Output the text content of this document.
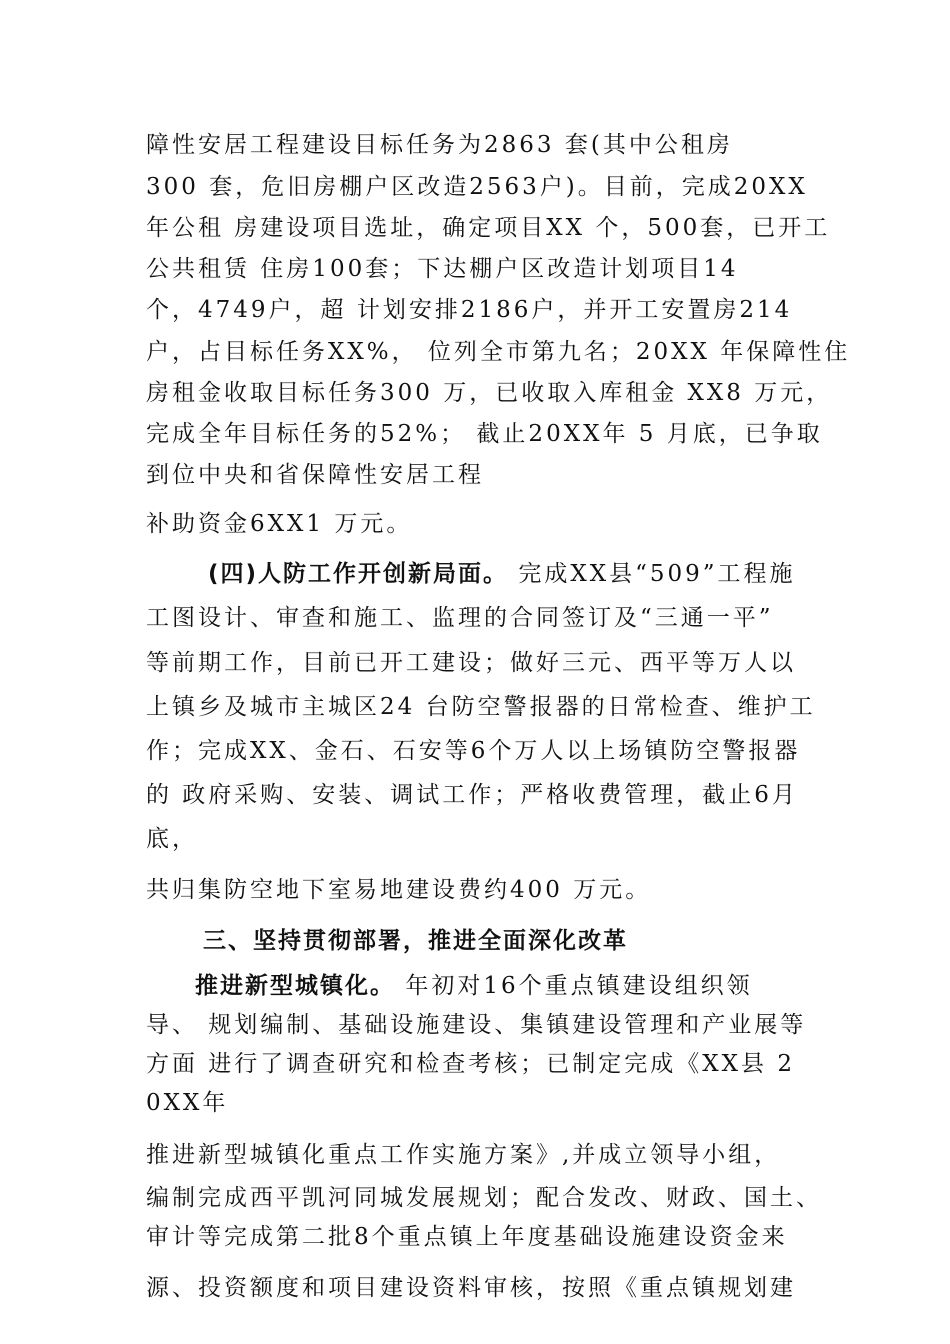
障性安居工程建设目标任务为2863 套(其中公租房
300 套，危旧房棚户区改造2563户)。目前，完成20XX
年公租 房建设项目选址，确定项目XX 个，500套，已开工
公共租赁 住房100套；下达棚户区改造计划项目14
个，4749户，超 计划安排2186户，并开工安置房214
户，占目标任务XX%， 位列全市第九名；20XX 年保障性住
房租金收取目标任务300 万，已收取入库租金 XX8 万元，
完成全年目标任务的52%； 截止20XX年 5 月底，已争取
到位中央和省保障性安居工程
补助资金6XX1 万元。
(四)人防工作开创新局面。 完成XX县“509”工程施
工图设计、审查和施工、监理的合同签订及“三通一平”
等前期工作，目前已开工建设；做好三元、西平等万人以
上镇乡及城市主城区24 台防空警报器的日常检查、维护工
作；完成XX、金石、石安等6个万人以上场镇防空警报器
的 政府采购、安装、调试工作；严格收费管理，截止6月
底，
共归集防空地下室易地建设费约400 万元。
三、坚持贯彻部署，推进全面深化改革
推进新型城镇化。 年初对16个重点镇建设组织领
导、 规划编制、基础设施建设、集镇建设管理和产业展等
方面 进行了调查研究和检查考核；已制定完成《XX县 2
0XX年
推进新型城镇化重点工作实施方案》,并成立领导小组，
编制完成西平凯河同城发展规划；配合发改、财政、国土、
审计等完成第二批8个重点镇上年度基础设施建设资金来
源、投资额度和项目建设资料审核，按照《重点镇规划建
